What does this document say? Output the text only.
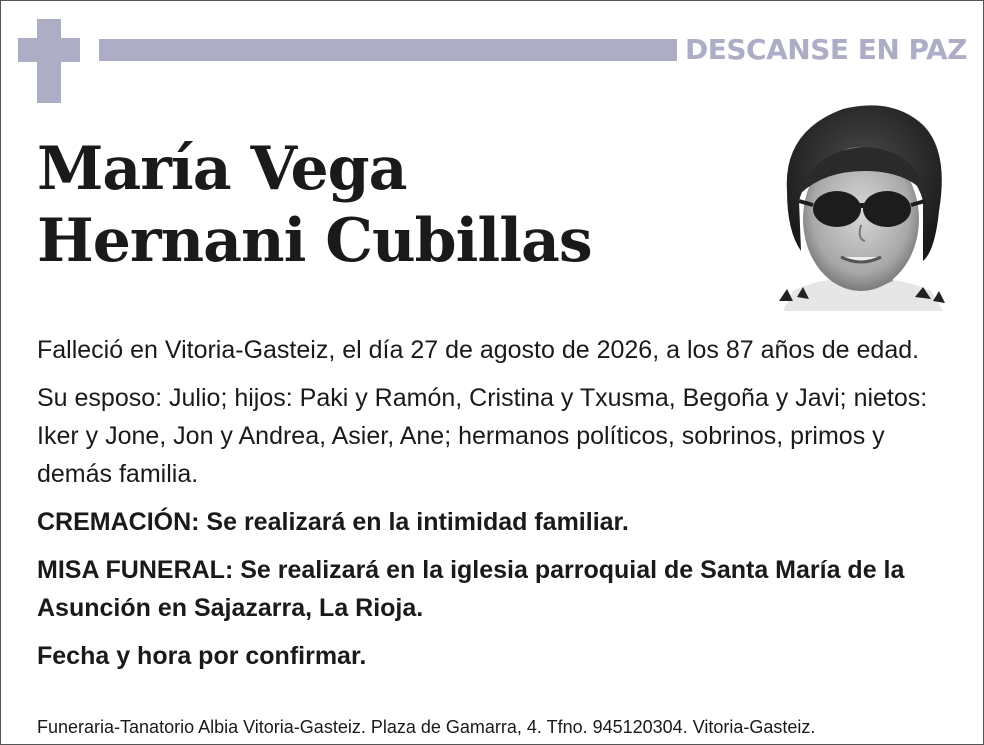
DESCANSE EN PAZ
María Vega
Hernani Cubillas

Falleció en Vitoria-Gasteiz, el día 27 de agosto de 2026, a los 87 años de edad.

Su esposo: Julio; hijos: Paki y Ramón, Cristina y Txusma, Begoña y Javi; nietos: Iker y Jone, Jon y Andrea, Asier, Ane; hermanos políticos, sobrinos, primos y demás familia.

CREMACIÓN: Se realizará en la intimidad familiar.

MISA FUNERAL: Se realizará en la iglesia parroquial de Santa María de la Asunción en Sajazarra, La Rioja.

Fecha y hora por confirmar.

Funeraria-Tanatorio Albia Vitoria-Gasteiz. Plaza de Gamarra, 4. Tfno. 945120304. Vitoria-Gasteiz.
